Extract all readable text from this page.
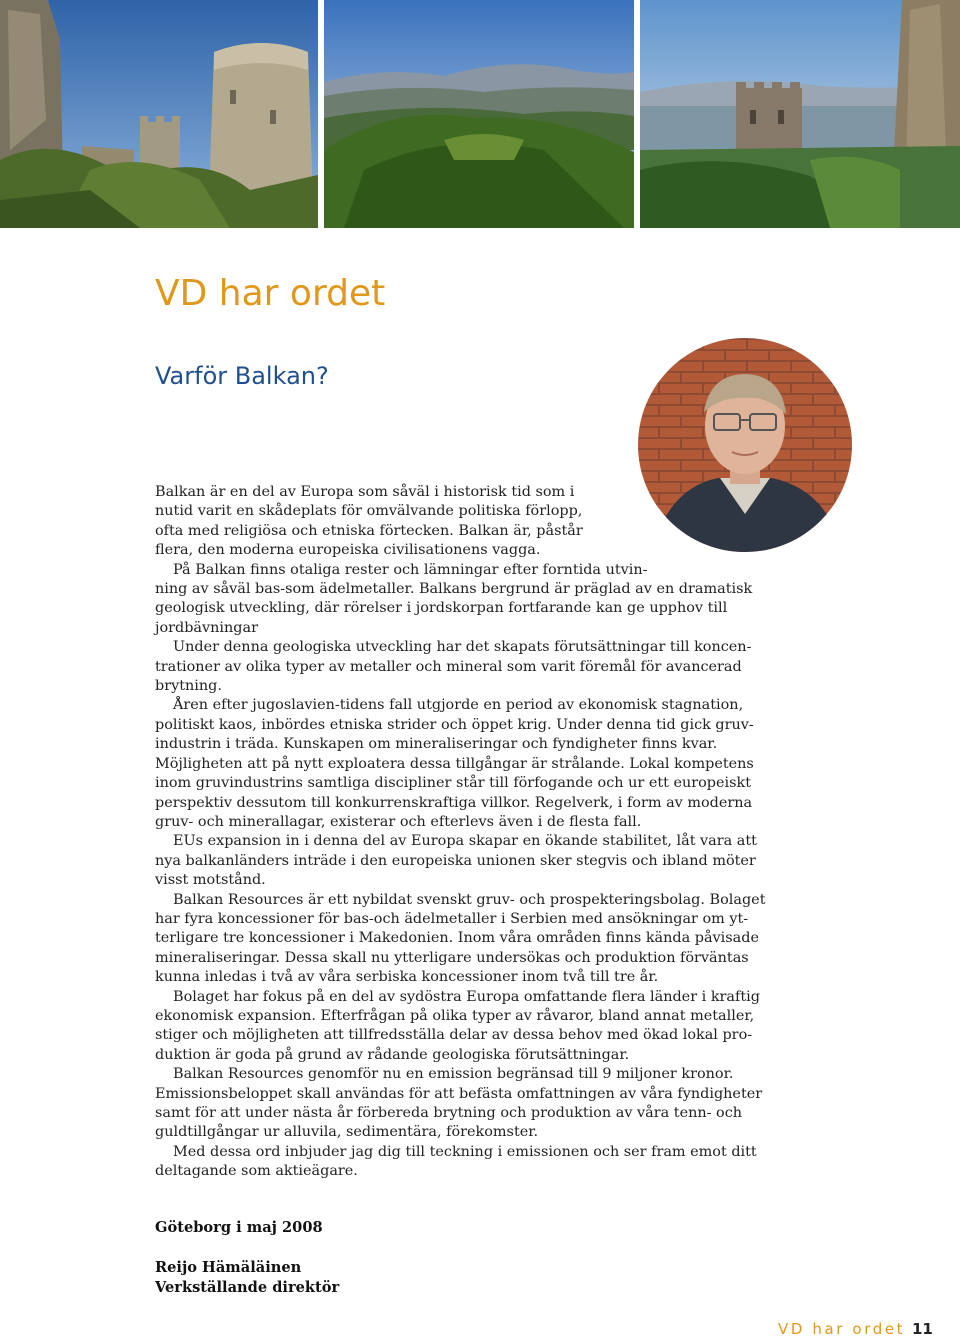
VD har ordet
Varför Balkan?

Balkan är en del av Europa som såväl i historisk tid som i

nutid varit en skådeplats för omvälvande politiska förlopp,

ofta med religiösa och etniska förtecken. Balkan är, påstår

flera, den moderna europeiska civilisationens vagga.

På Balkan finns otaliga rester och lämningar efter forntida utvin-

ning av såväl bas-som ädelmetaller. Balkans bergrund är präglad av en dramatisk

geologisk utveckling, där rörelser i jordskorpan fortfarande kan ge upphov till

jordbävningar

Under denna geologiska utveckling har det skapats förutsättningar till koncen-

trationer av olika typer av metaller och mineral som varit föremål för avancerad

brytning.

Åren efter jugoslavien-tidens fall utgjorde en period av ekonomisk stagnation,

politiskt kaos, inbördes etniska strider och öppet krig. Under denna tid gick gruv-

industrin i träda. Kunskapen om mineraliseringar och fyndigheter finns kvar.

Möjligheten att på nytt exploatera dessa tillgångar är strålande. Lokal kompetens

inom gruvindustrins samtliga discipliner står till förfogande och ur ett europeiskt

perspektiv dessutom till konkurrenskraftiga villkor. Regelverk, i form av moderna

gruv- och minerallagar, existerar och efterlevs även i de flesta fall.

EUs expansion in i denna del av Europa skapar en ökande stabilitet, låt vara att

nya balkanländers inträde i den europeiska unionen sker stegvis och ibland möter

visst motstånd.

Balkan Resources är ett nybildat svenskt gruv- och prospekteringsbolag. Bolaget

har fyra koncessioner för bas-och ädelmetaller i Serbien med ansökningar om yt-

terligare tre koncessioner i Makedonien. Inom våra områden finns kända påvisade

mineraliseringar. Dessa skall nu ytterligare undersökas och produktion förväntas

kunna inledas i två av våra serbiska koncessioner inom två till tre år.

Bolaget har fokus på en del av sydöstra Europa omfattande flera länder i kraftig

ekonomisk expansion. Efterfrågan på olika typer av råvaror, bland annat metaller,

stiger och möjligheten att tillfredsställa delar av dessa behov med ökad lokal pro-

duktion är goda på grund av rådande geologiska förutsättningar.

Balkan Resources genomför nu en emission begränsad till 9 miljoner kronor.

Emissionsbeloppet skall användas för att befästa omfattningen av våra fyndigheter

samt för att under nästa år förbereda brytning och produktion av våra tenn- och

guldtillgångar ur alluvila, sedimentära, förekomster.

Med dessa ord inbjuder jag dig till teckning i emissionen och ser fram emot ditt

deltagande som aktieägare.

Göteborg i maj 2008

Reijo Hämäläinen

Verkställande direktör

VD har ordet 11
